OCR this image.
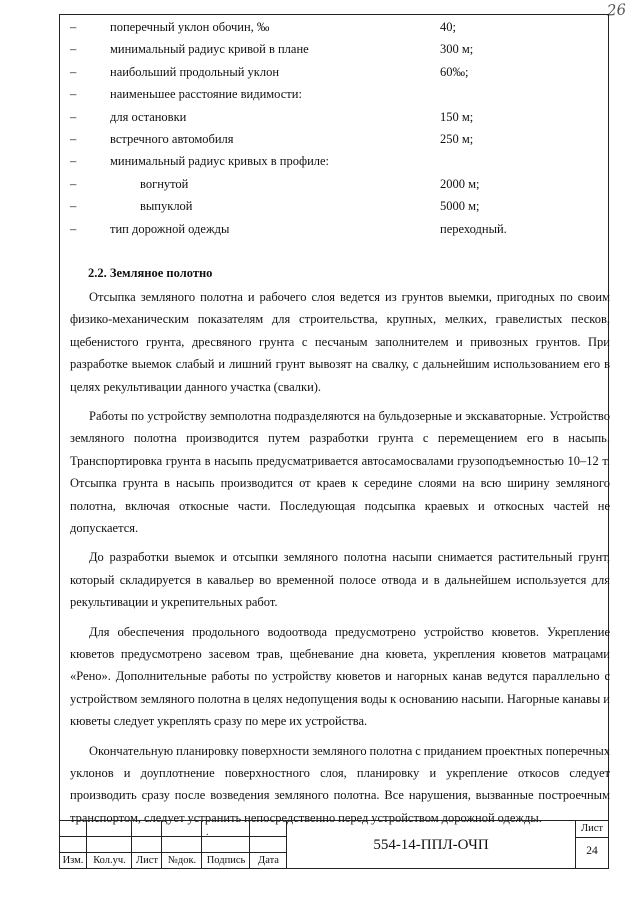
26
–	поперечный уклон обочин, ‰	40;
–	минимальный радиус кривой в плане	300 м;
–	наибольший продольный уклон	60‰;
–	наименьшее расстояние видимости:
–	для остановки	150 м;
–	встречного автомобиля	250 м;
–	минимальный радиус кривых в профиле:
–	вогнутой	2000 м;
–	выпуклой	5000 м;
–	тип дорожной одежды	переходный.
2.2. Земляное полотно

Отсыпка земляного полотна и рабочего слоя ведется из грунтов выемки, пригодных по своим физико-механическим показателям для строительства, крупных, мелких, гравелистых песков, щебенистого грунта, дресвяного грунта с песчаным заполнителем и привозных грунтов. При разработке выемок слабый и лишний грунт вывозят на свалку, с дальнейшим использованием его в целях рекультивации данного участка (свалки).

Работы по устройству земполотна подразделяются на бульдозерные и экскаваторные. Устройство земляного полотна производится путем разработки грунта с перемещением его в насыпь. Транспортировка грунта в насыпь предусматривается автосамосвалами грузоподъемностью 10–12 т. Отсыпка грунта в насыпь производится от краев к середине слоями на всю ширину земляного полотна, включая откосные части. Последующая подсыпка краевых и откосных частей не допускается.

До разработки выемок и отсыпки земляного полотна насыпи снимается растительный грунт, который складируется в кавальер во временной полосе отвода и в дальнейшем используется для рекультивации и укрепительных работ.

Для обеспечения продольного водоотвода предусмотрено устройство кюветов. Укрепление кюветов предусмотрено засевом трав, щебневание дна кювета, укрепления кюветов матрацами «Рено». Дополнительные работы по устройству кюветов и нагорных канав ведутся параллельно с устройством земляного полотна в целях недопущения воды к основанию насыпи. Нагорные канавы и кюветы следует укреплять сразу по мере их устройства.

Окончательную планировку поверхности земляного полотна с приданием проектных поперечных уклонов и доуплотнение поверхностного слоя, планировку и укрепление откосов следует производить сразу после возведения земляного полотна. Все нарушения, вызванные построечным транспортом, следует устранить непосредственно перед устройством дорожной одежды.

.
Изм. Кол.уч. Лист №док.	Подпись	Дата
554-14-ППЛ-ОЧП
Лист
24
